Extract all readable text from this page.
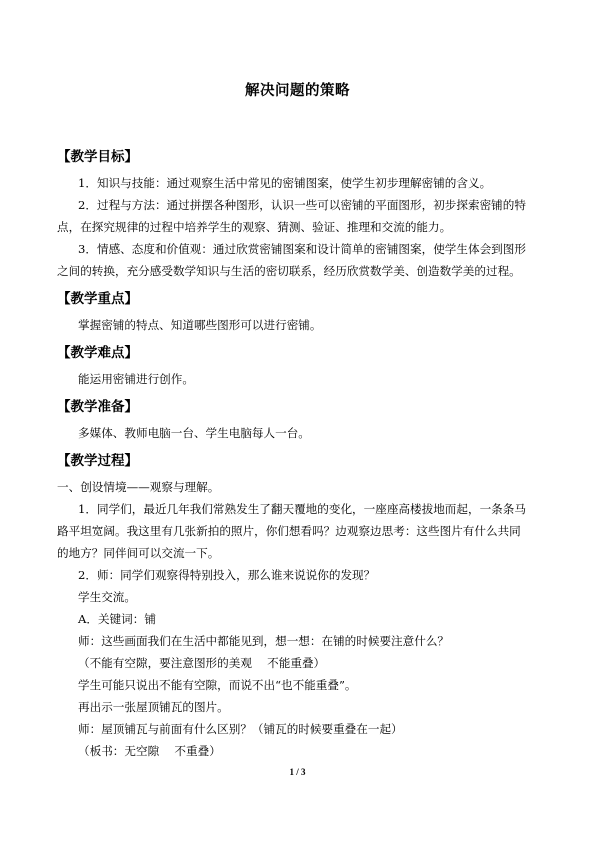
解决问题的策略
【教学目标】
1．知识与技能：通过观察生活中常见的密铺图案，使学生初步理解密铺的含义。
2．过程与方法：通过拼摆各种图形，认识一些可以密铺的平面图形，初步探索密铺的特
点，在探究规律的过程中培养学生的观察、猜测、验证、推理和交流的能力。
3．情感、态度和价值观：通过欣赏密铺图案和设计简单的密铺图案，使学生体会到图形
之间的转换，充分感受数学知识与生活的密切联系，经历欣赏数学美、创造数学美的过程。
【教学重点】
掌握密铺的特点、知道哪些图形可以进行密铺。
【教学难点】
能运用密铺进行创作。
【教学准备】
多媒体、教师电脑一台、学生电脑每人一台。
【教学过程】
一、创设情境——观察与理解。
1．同学们，最近几年我们常熟发生了翻天覆地的变化，一座座高楼拔地而起，一条条马
路平坦宽阔。我这里有几张新拍的照片，你们想看吗？边观察边思考：这些图片有什么共同
的地方？同伴间可以交流一下。
2．师：同学们观察得特别投入，那么谁来说说你的发现？
学生交流。
A．关键词：铺
师：这些画面我们在生活中都能见到，想一想：在铺的时候要注意什么？
（不能有空隙，要注意图形的美观　 不能重叠）
学生可能只说出不能有空隙，而说不出“也不能重叠”。
再出示一张屋顶铺瓦的图片。
师：屋顶铺瓦与前面有什么区别？（铺瓦的时候要重叠在一起）
（板书：无空隙　 不重叠）
1 / 3
